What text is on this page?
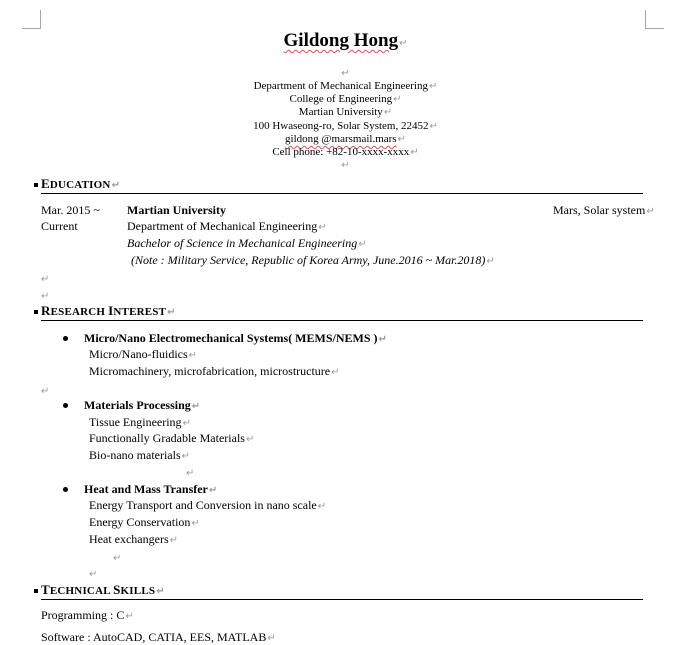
Gildong Hong↵
↵
Department of Mechanical Engineering↵
College of Engineering↵
Martian University↵
100 Hwaseong-ro, Solar System, 22452↵
gildong @marsmail.mars↵
Cell phone: +82-10-xxxx-xxxx↵
↵
EDUCATION↵
Mar. 2015 ~
Current
Martian University	Mars, Solar system↵
Department of Mechanical Engineering↵
Bachelor of Science in Mechanical Engineering↵
(Note : Military Service, Republic of Korea Army, June.2016 ~ Mar.2018)↵
↵
↵
RESEARCH INTEREST↵
Micro/Nano Electromechanical Systems( MEMS/NEMS )↵
Micro/Nano-fluidics↵
Micromachinery, microfabrication, microstructure↵
↵
Materials Processing↵
Tissue Engineering↵
Functionally Gradable Materials↵
Bio-nano materials↵
↵
Heat and Mass Transfer↵
Energy Transport and Conversion in nano scale↵
Energy Conservation↵
Heat exchangers↵
↵
↵
TECHNICAL SKILLS↵
Programming : C↵
Software : AutoCAD, CATIA, EES, MATLAB↵
